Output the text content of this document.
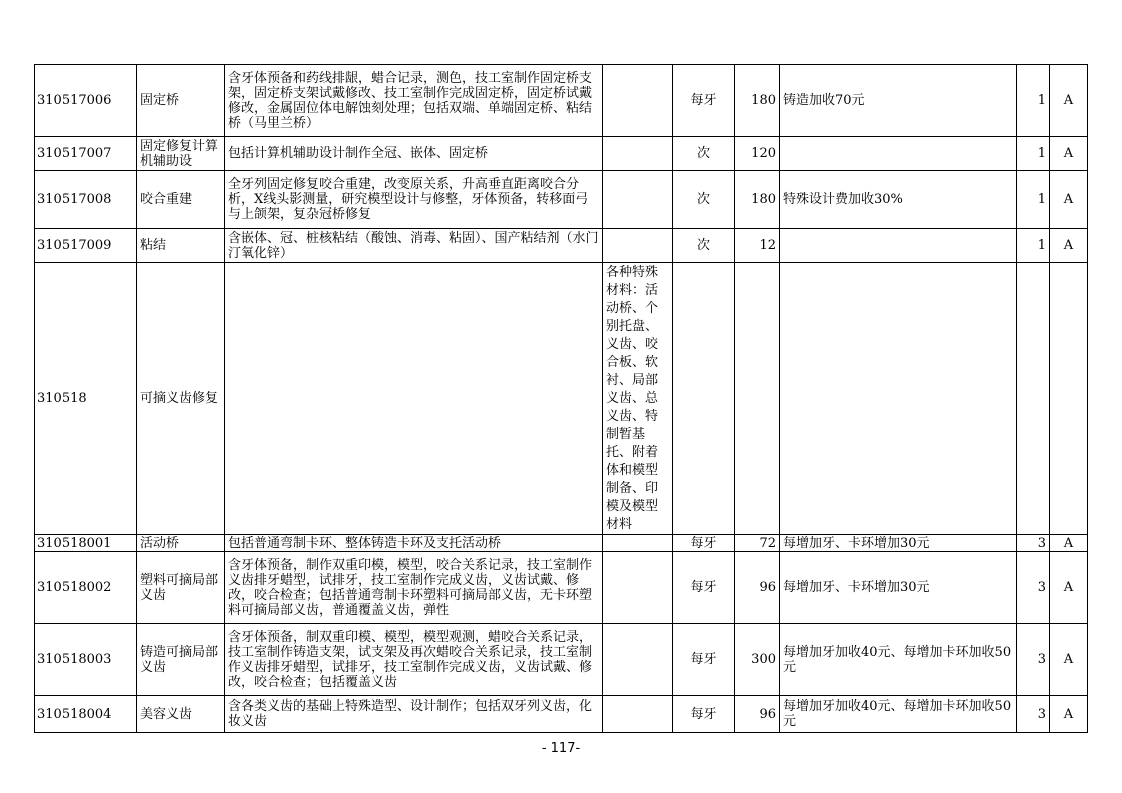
310517006	固定桥	含牙体预备和药线排龈，蜡合记录，测色，技工室制作固定桥支架，固定桥支架试戴修改、技工室制作完成固定桥，固定桥试戴修改，金属固位体电解蚀刻处理；包括双端、单端固定桥、粘结桥（马里兰桥）		每牙	180	铸造加收70元	1	A
310517007	固定修复计算机辅助设	包括计算机辅助设计制作全冠、嵌体、固定桥		次	120		1	A
310517008	咬合重建	全牙列固定修复咬合重建，改变原关系，升高垂直距离咬合分析，X线头影测量，研究模型设计与修整，牙体预备，转移面弓与上颌架，复杂冠桥修复		次	180	特殊设计费加收30%	1	A
310517009	粘结	含嵌体、冠、桩核粘结（酸蚀、消毒、粘固）、国产粘结剂（水门汀氧化锌）		次	12		1	A
310518	可摘义齿修复		各种特殊材料：活动桥、个别托盘、义齿、咬合板、软衬、局部义齿、总义齿、特制暂基托、附着体和模型制备、印模及模型材料					
310518001	活动桥	包括普通弯制卡环、整体铸造卡环及支托活动桥		每牙	72	每增加牙、卡环增加30元	3	A
310518002	塑料可摘局部义齿	含牙体预备，制作双重印模，模型，咬合关系记录，技工室制作义齿排牙蜡型，试排牙，技工室制作完成义齿，义齿试戴、修改，咬合检查；包括普通弯制卡环塑料可摘局部义齿，无卡环塑料可摘局部义齿，普通覆盖义齿，弹性		每牙	96	每增加牙、卡环增加30元	3	A
310518003	铸造可摘局部义齿	含牙体预备，制双重印模、模型，模型观测，蜡咬合关系记录，技工室制作铸造支架，试支架及再次蜡咬合关系记录，技工室制作义齿排牙蜡型，试排牙，技工室制作完成义齿，义齿试戴、修改，咬合检查；包括覆盖义齿		每牙	300	每增加牙加收40元、每增加卡环加收50元	3	A
310518004	美容义齿	含各类义齿的基础上特殊造型、设计制作；包括双牙列义齿，化妆义齿		每牙	96	每增加牙加收40元、每增加卡环加收50元	3	A
- 117-
